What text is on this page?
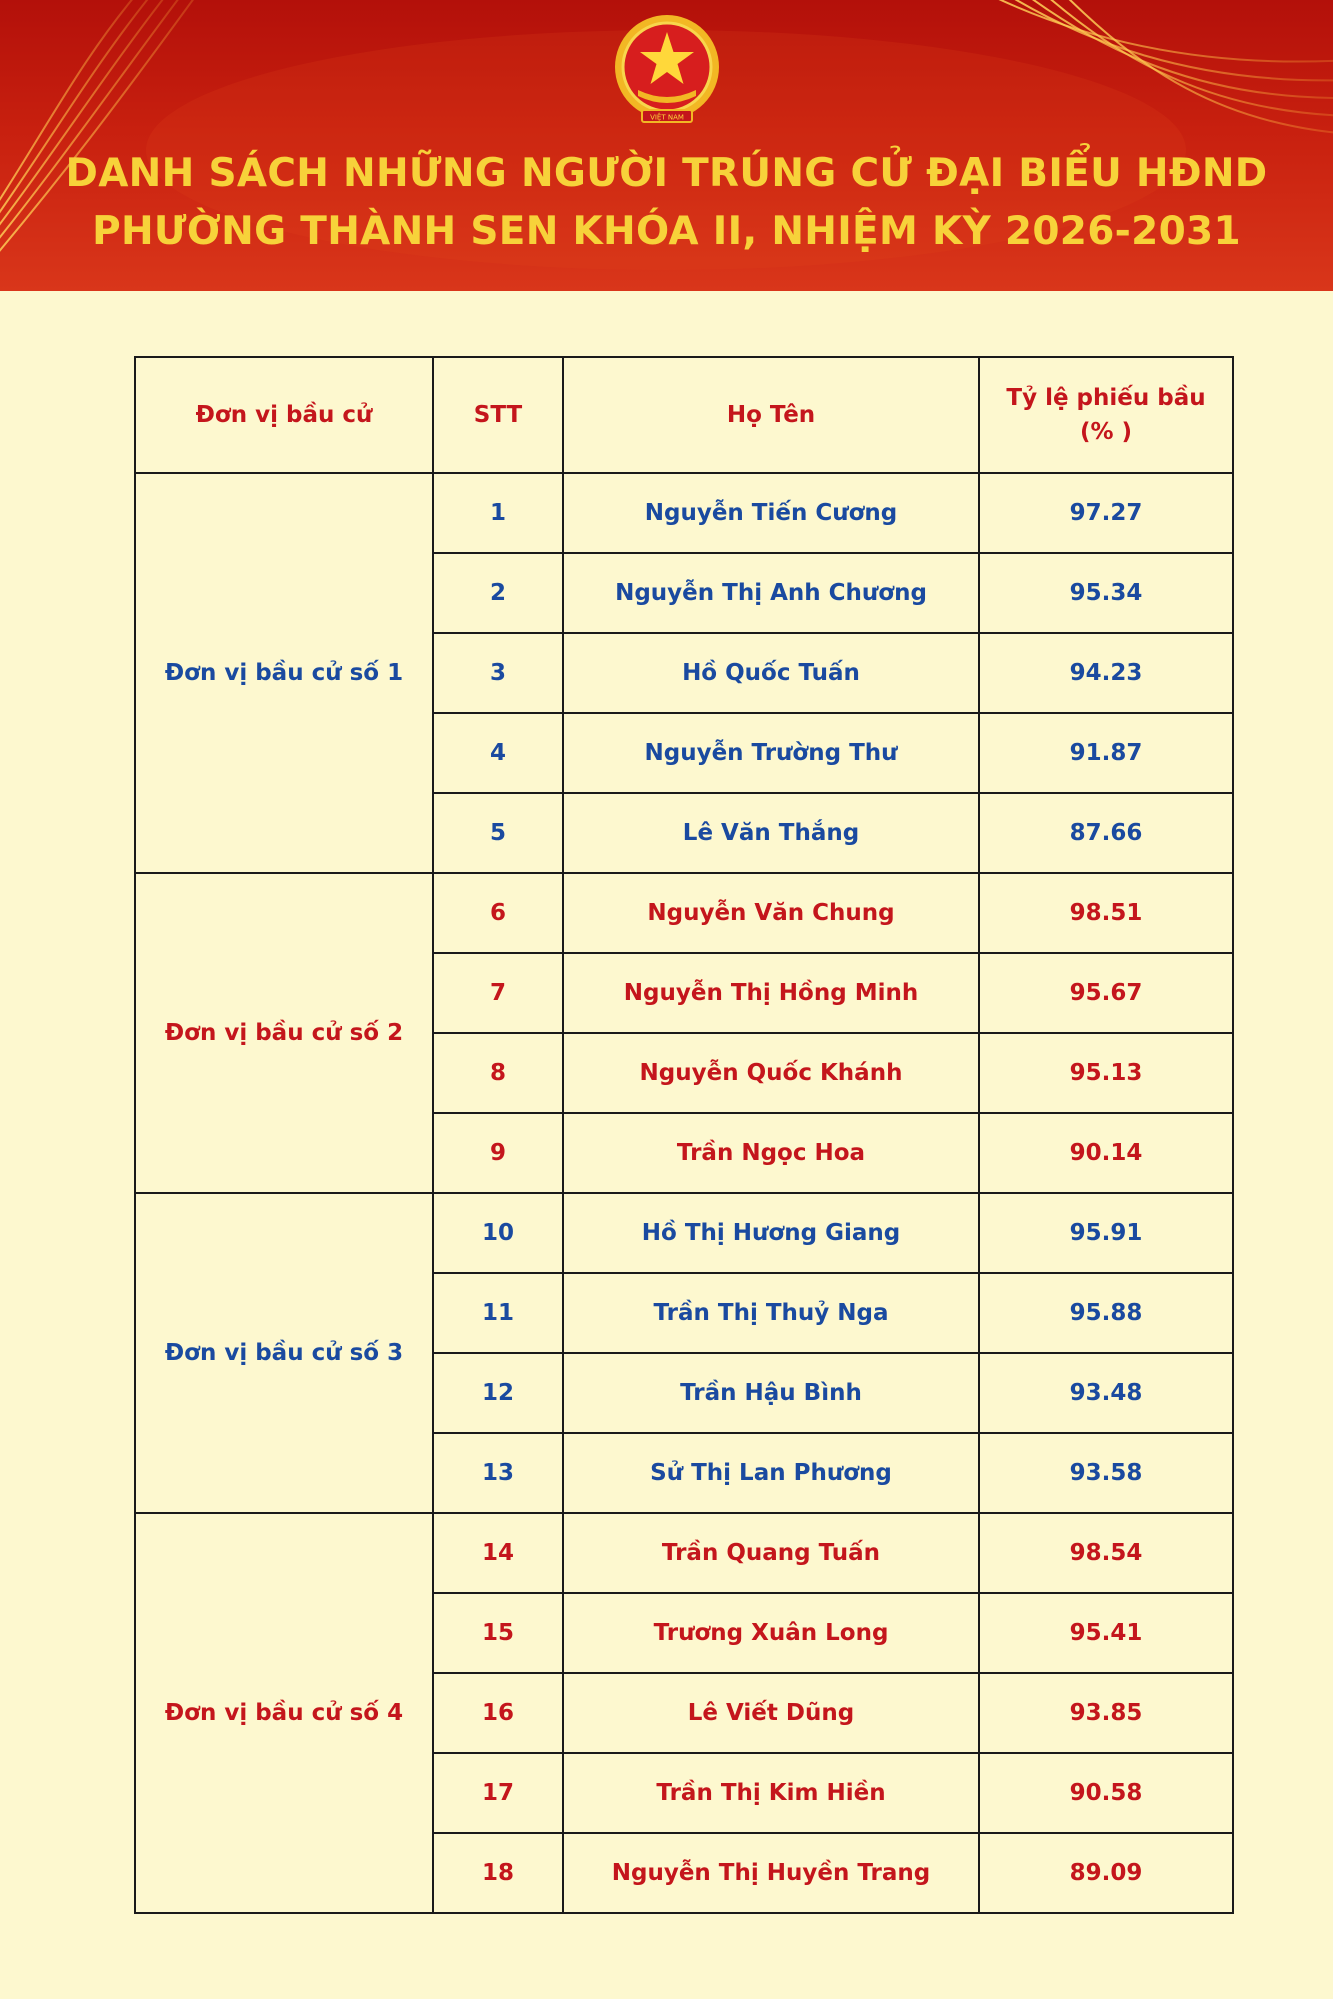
VIỆT NAM
DANH SÁCH NHỮNG NGƯỜI TRÚNG CỬ ĐẠI BIỂU HĐND
PHƯỜNG THÀNH SEN KHÓA II, NHIỆM KỲ 2026-2031
Đơn vị bầu cử	STT	Họ Tên	Tỷ lệ phiếu bầu (% )
Đơn vị bầu cử số 1	1	Nguyễn Tiến Cương	97.27
	2	Nguyễn Thị Anh Chương	95.34
	3	Hồ Quốc Tuấn	94.23
	4	Nguyễn Trường Thư	91.87
	5	Lê Văn Thắng	87.66
Đơn vị bầu cử số 2	6	Nguyễn Văn Chung	98.51
	7	Nguyễn Thị Hồng Minh	95.67
	8	Nguyễn Quốc Khánh	95.13
	9	Trần Ngọc Hoa	90.14
Đơn vị bầu cử số 3	10	Hồ Thị Hương Giang	95.91
	11	Trần Thị Thuỷ Nga	95.88
	12	Trần Hậu Bình	93.48
	13	Sử Thị Lan Phương	93.58
Đơn vị bầu cử số 4	14	Trần Quang Tuấn	98.54
	15	Trương Xuân Long	95.41
	16	Lê Viết Dũng	93.85
	17	Trần Thị Kim Hiền	90.58
	18	Nguyễn Thị Huyền Trang	89.09
